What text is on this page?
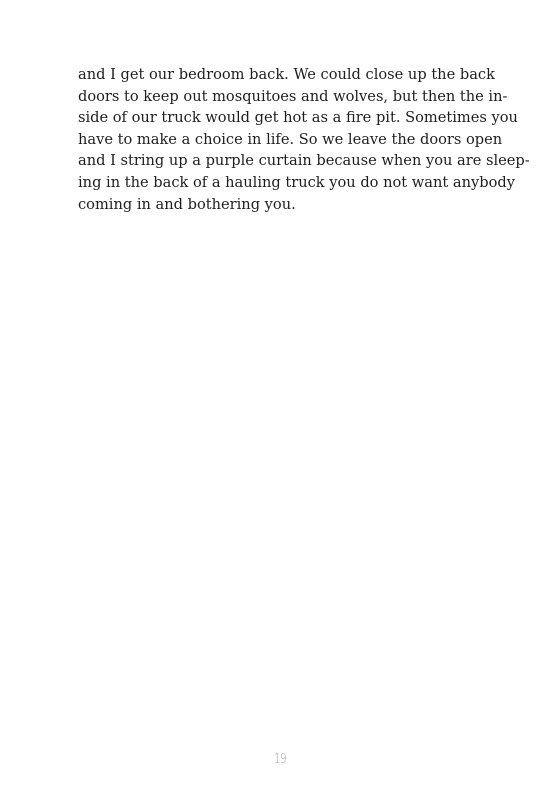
and I get our bedroom back. We could close up the back
doors to keep out mosquitoes and wolves, but then the in-
side of our truck would get hot as a fire pit. Sometimes you
have to make a choice in life. So we leave the doors open
and I string up a purple curtain because when you are sleep-
ing in the back of a hauling truck you do not want anybody
coming in and bothering you.
19
